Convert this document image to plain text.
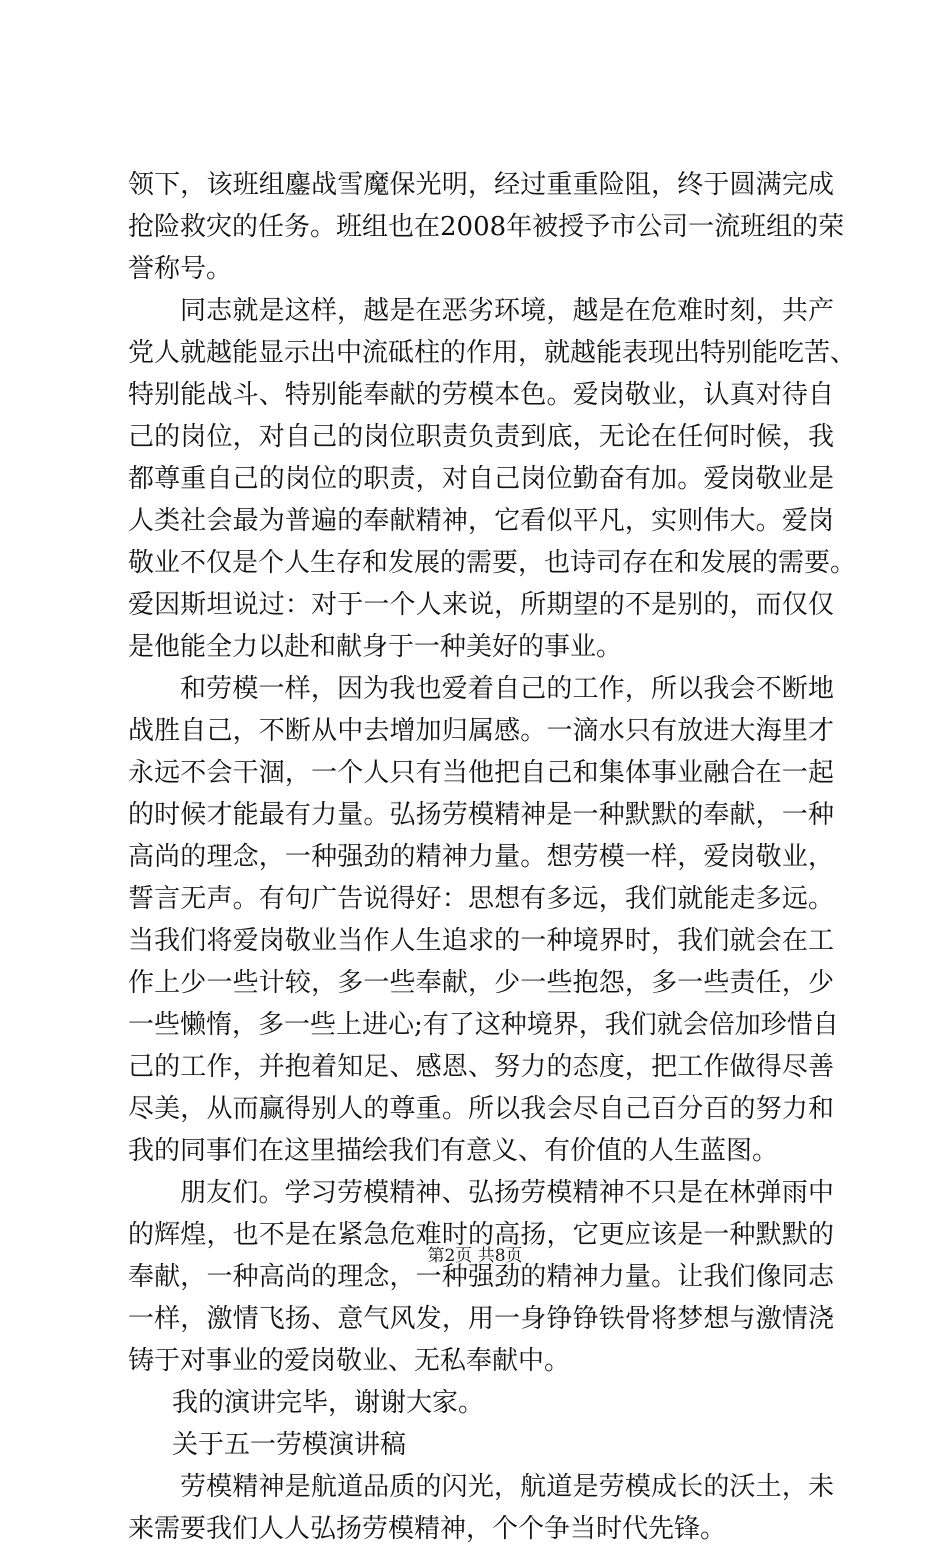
领下，该班组鏖战雪魔保光明，经过重重险阻，终于圆满完成
抢险救灾的任务。班组也在2008年被授予市公司一流班组的荣
誉称号。
同志就是这样，越是在恶劣环境，越是在危难时刻，共产
党人就越能显示出中流砥柱的作用，就越能表现出特别能吃苦、
特别能战斗、特别能奉献的劳模本色。爱岗敬业，认真对待自
己的岗位，对自己的岗位职责负责到底，无论在任何时候，我
都尊重自己的岗位的职责，对自己岗位勤奋有加。爱岗敬业是
人类社会最为普遍的奉献精神，它看似平凡，实则伟大。爱岗
敬业不仅是个人生存和发展的需要，也诗司存在和发展的需要。
爱因斯坦说过：对于一个人来说，所期望的不是别的，而仅仅
是他能全力以赴和献身于一种美好的事业。
和劳模一样，因为我也爱着自己的工作，所以我会不断地
战胜自己，不断从中去增加归属感。一滴水只有放进大海里才
永远不会干涸，一个人只有当他把自己和集体事业融合在一起
的时候才能最有力量。弘扬劳模精神是一种默默的奉献，一种
高尚的理念，一种强劲的精神力量。想劳模一样，爱岗敬业，
誓言无声。有句广告说得好：思想有多远，我们就能走多远。
当我们将爱岗敬业当作人生追求的一种境界时，我们就会在工
作上少一些计较，多一些奉献，少一些抱怨，多一些责任，少
一些懒惰，多一些上进心;有了这种境界，我们就会倍加珍惜自
己的工作，并抱着知足、感恩、努力的态度，把工作做得尽善
尽美，从而赢得别人的尊重。所以我会尽自己百分百的努力和
我的同事们在这里描绘我们有意义、有价值的人生蓝图。
朋友们。学习劳模精神、弘扬劳模精神不只是在林弹雨中
的辉煌，也不是在紧急危难时的高扬，它更应该是一种默默的
奉献，一种高尚的理念，一种强劲的精神力量。让我们像同志
一样，激情飞扬、意气风发，用一身铮铮铁骨将梦想与激情浇
铸于对事业的爱岗敬业、无私奉献中。
我的演讲完毕，谢谢大家。
关于五一劳模演讲稿
劳模精神是航道品质的闪光，航道是劳模成长的沃土，未
来需要我们人人弘扬劳模精神，个个争当时代先锋。
第2页 共8页
